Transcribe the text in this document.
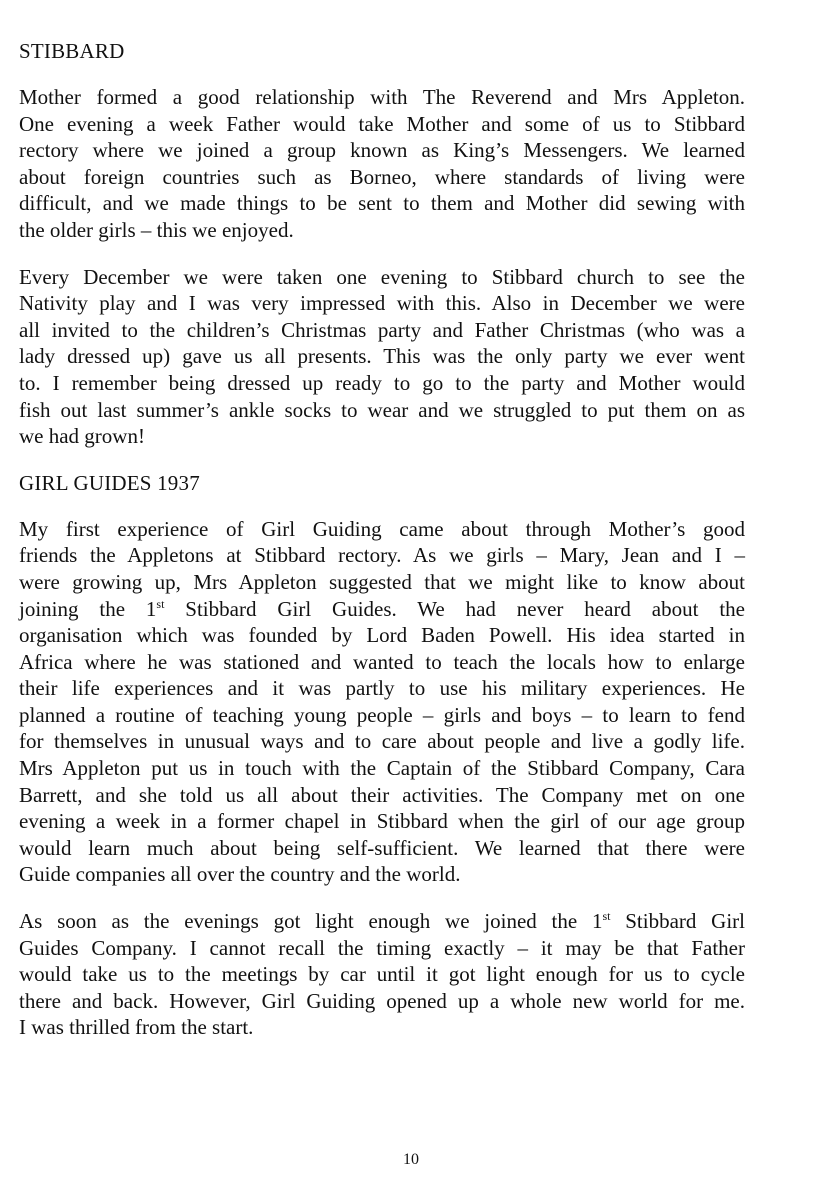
STIBBARD
Mother formed a good relationship with The Reverend and Mrs Appleton.
One evening a week Father would take Mother and some of us to Stibbard
rectory where we joined a group known as King’s Messengers. We learned
about foreign countries such as Borneo, where standards of living were
difficult, and we made things to be sent to them and Mother did sewing with
the older girls – this we enjoyed.
Every December we were taken one evening to Stibbard church to see the
Nativity play and I was very impressed with this. Also in December we were
all invited to the children’s Christmas party and Father Christmas (who was a
lady dressed up) gave us all presents. This was the only party we ever went
to. I remember being dressed up ready to go to the party and Mother would
fish out last summer’s ankle socks to wear and we struggled to put them on as
we had grown!
GIRL GUIDES 1937
My first experience of Girl Guiding came about through Mother’s good
friends the Appletons at Stibbard rectory. As we girls – Mary, Jean and I –
were growing up, Mrs Appleton suggested that we might like to know about
joining the 1st Stibbard Girl Guides. We had never heard about the
organisation which was founded by Lord Baden Powell. His idea started in
Africa where he was stationed and wanted to teach the locals how to enlarge
their life experiences and it was partly to use his military experiences. He
planned a routine of teaching young people – girls and boys – to learn to fend
for themselves in unusual ways and to care about people and live a godly life.
Mrs Appleton put us in touch with the Captain of the Stibbard Company, Cara
Barrett, and she told us all about their activities. The Company met on one
evening a week in a former chapel in Stibbard when the girl of our age group
would learn much about being self-sufficient. We learned that there were
Guide companies all over the country and the world.
As soon as the evenings got light enough we joined the 1st Stibbard Girl
Guides Company. I cannot recall the timing exactly – it may be that Father
would take us to the meetings by car until it got light enough for us to cycle
there and back. However, Girl Guiding opened up a whole new world for me.
I was thrilled from the start.
10
